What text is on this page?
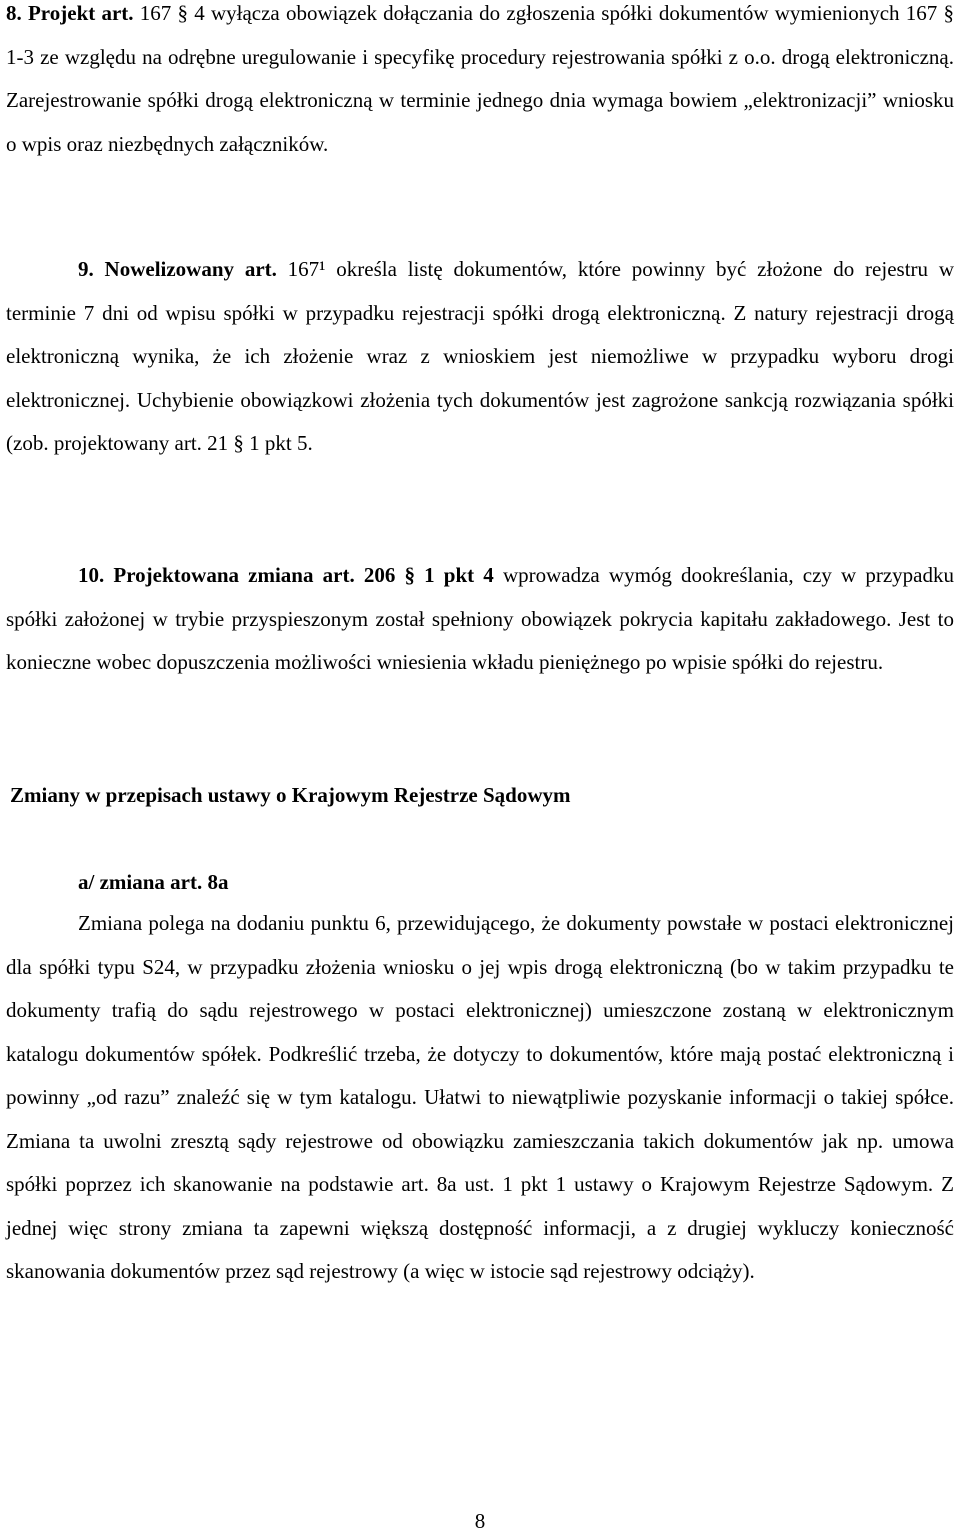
8. Projekt art. 167 § 4 wyłącza obowiązek dołączania do zgłoszenia spółki dokumentów wymienionych 167 § 1-3 ze względu na odrębne uregulowanie i specyfikę procedury rejestrowania spółki z o.o. drogą elektroniczną. Zarejestrowanie spółki drogą elektroniczną w terminie jednego dnia wymaga bowiem „elektronizacji” wniosku o wpis oraz niezbędnych załączników.

9. Nowelizowany art. 167¹ określa listę dokumentów, które powinny być złożone do rejestru w terminie 7 dni od wpisu spółki w przypadku rejestracji spółki drogą elektroniczną. Z natury rejestracji drogą elektroniczną wynika, że ich złożenie wraz z wnioskiem jest niemożliwe w przypadku wyboru drogi elektronicznej. Uchybienie obowiązkowi złożenia tych dokumentów jest zagrożone sankcją rozwiązania spółki (zob. projektowany art. 21 § 1 pkt 5.

10. Projektowana zmiana art. 206 § 1 pkt 4 wprowadza wymóg dookreślania, czy w przypadku spółki założonej w trybie przyspieszonym został spełniony obowiązek pokrycia kapitału zakładowego. Jest to konieczne wobec dopuszczenia możliwości wniesienia wkładu pieniężnego po wpisie spółki do rejestru.

Zmiany w przepisach ustawy o Krajowym Rejestrze Sądowym
a/ zmiana art. 8a

Zmiana polega na dodaniu punktu 6, przewidującego, że dokumenty powstałe w postaci elektronicznej dla spółki typu S24, w przypadku złożenia wniosku o jej wpis drogą elektroniczną (bo w takim przypadku te dokumenty trafią do sądu rejestrowego w postaci elektronicznej) umieszczone zostaną w elektronicznym katalogu dokumentów spółek. Podkreślić trzeba, że dotyczy to dokumentów, które mają postać elektroniczną i powinny „od razu” znaleźć się w tym katalogu. Ułatwi to niewątpliwie pozyskanie informacji o takiej spółce. Zmiana ta uwolni zresztą sądy rejestrowe od obowiązku zamieszczania takich dokumentów jak np. umowa spółki poprzez ich skanowanie na podstawie art. 8a ust. 1 pkt 1 ustawy o Krajowym Rejestrze Sądowym. Z jednej więc strony zmiana ta zapewni większą dostępność informacji, a z drugiej wykluczy konieczność skanowania dokumentów przez sąd rejestrowy (a więc w istocie sąd rejestrowy odciąży).

8
